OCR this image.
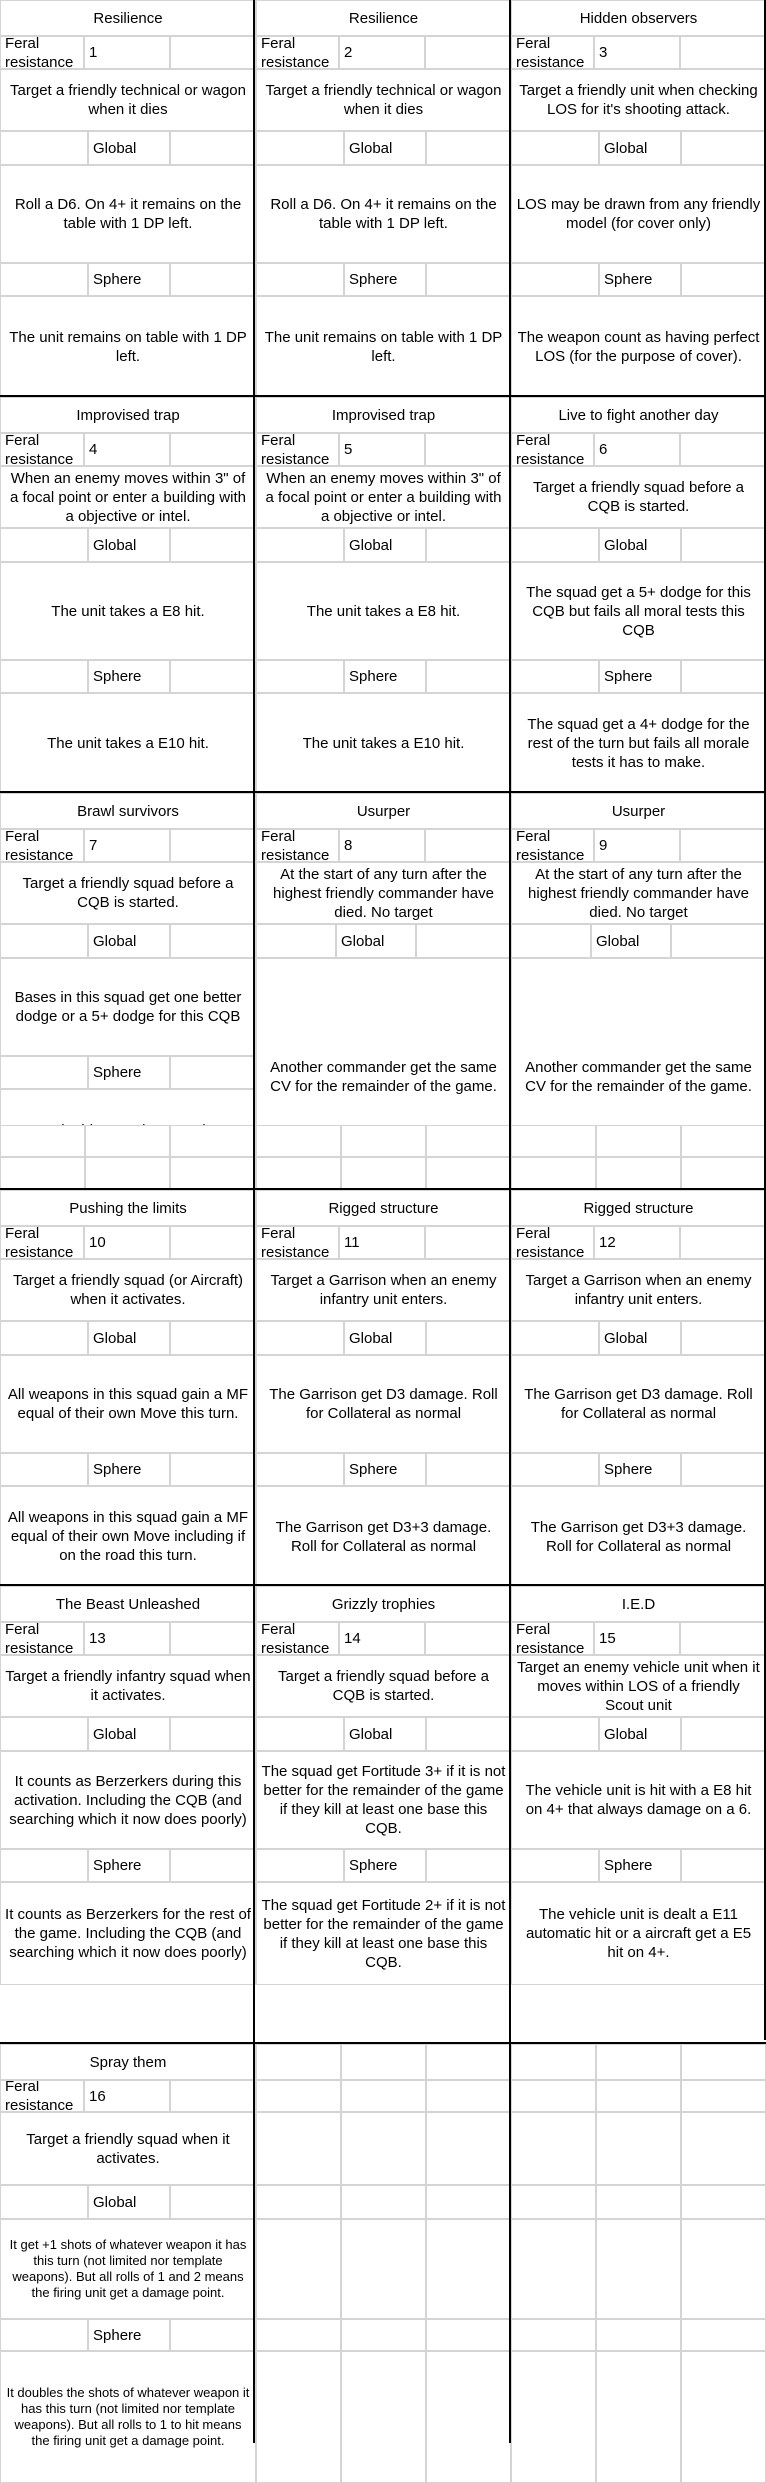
Resilience
Feral resistance
1
Target a friendly technical or wagon when it dies
Global
Roll a D6. On 4+ it remains on the table with 1 DP left.
Sphere
The unit remains on table with 1 DP left.
Resilience
Feral resistance
2
Target a friendly technical or wagon when it dies
Global
Roll a D6. On 4+ it remains on the table with 1 DP left.
Sphere
The unit remains on table with 1 DP left.
Hidden observers
Feral resistance
3
Target a friendly unit when checking LOS for it's shooting attack.
Global
LOS may be drawn from any friendly model (for cover only)
Sphere
The weapon count as having perfect LOS (for the purpose of cover).
Improvised trap
Feral resistance
4
When an enemy moves within 3" of a focal point or enter a building with a objective or intel.
Global
The unit takes a E8 hit.
Sphere
The unit takes a E10 hit.
Improvised trap
Feral resistance
5
When an enemy moves within 3" of a focal point or enter a building with a objective or intel.
Global
The unit takes a E8 hit.
Sphere
The unit takes a E10 hit.
Live to fight another day
Feral resistance
6
Target a friendly squad before a CQB is started.
Global
The squad get a 5+ dodge for this CQB but fails all moral tests this CQB
Sphere
The squad get a 4+ dodge for the rest of the turn but fails all morale tests it has to make.
Brawl survivors
Feral resistance
7
Target a friendly squad before a CQB is started.
Global
Bases in this squad get one better dodge or a 5+ dodge for this CQB
Sphere
Usurper
Feral resistance
8
At the start of any turn after the highest friendly commander have died. No target
Global
Another commander get the same CV for the remainder of the game.
Usurper
Feral resistance
9
At the start of any turn after the highest friendly commander have died. No target
Global
Another commander get the same CV for the remainder of the game.
Pushing the limits
Feral resistance
10
Target a friendly squad (or Aircraft) when it activates.
Global
All weapons in this squad gain a MF equal of their own Move this turn.
Sphere
All weapons in this squad gain a MF equal of their own Move including if on the road this turn.
Rigged structure
Feral resistance
11
Target a Garrison when an enemy infantry unit enters.
Global
The Garrison get D3 damage. Roll for Collateral as normal
Sphere
The Garrison get D3+3 damage. Roll for Collateral as normal
Rigged structure
Feral resistance
12
Target a Garrison when an enemy infantry unit enters.
Global
The Garrison get D3 damage. Roll for Collateral as normal
Sphere
The Garrison get D3+3 damage. Roll for Collateral as normal
The Beast Unleashed
Feral resistance
13
Target a friendly infantry squad when it activates.
Global
It counts as Berzerkers during this activation. Including the CQB (and searching which it now does poorly)
Sphere
It counts as Berzerkers for the rest of the game. Including the CQB (and searching which it now does poorly)
Grizzly trophies
Feral resistance
14
Target a friendly squad before a CQB is started.
Global
The squad get Fortitude 3+ if it is not better for the remainder of the game if they kill at least one base this CQB.
Sphere
The squad get Fortitude 2+ if it is not better for the remainder of the game if they kill at least one base this CQB.
I.E.D
Feral resistance
15
Target an enemy vehicle unit when it moves within LOS of a friendly Scout unit
Global
The vehicle unit is hit with a E8 hit on 4+ that always damage on a 6.
Sphere
The vehicle unit is dealt a E11 automatic hit or a aircraft get a E5 hit on 4+.
Spray them
Feral resistance
16
Target a friendly squad when it activates.
Global
It get +1 shots of whatever weapon it has this turn (not limited nor template weapons). But all rolls of 1 and 2 means the firing unit get a damage point.
Sphere
It doubles the shots of whatever weapon it has this turn (not limited nor template weapons). But all rolls to 1 to hit means the firing unit get a damage point.
